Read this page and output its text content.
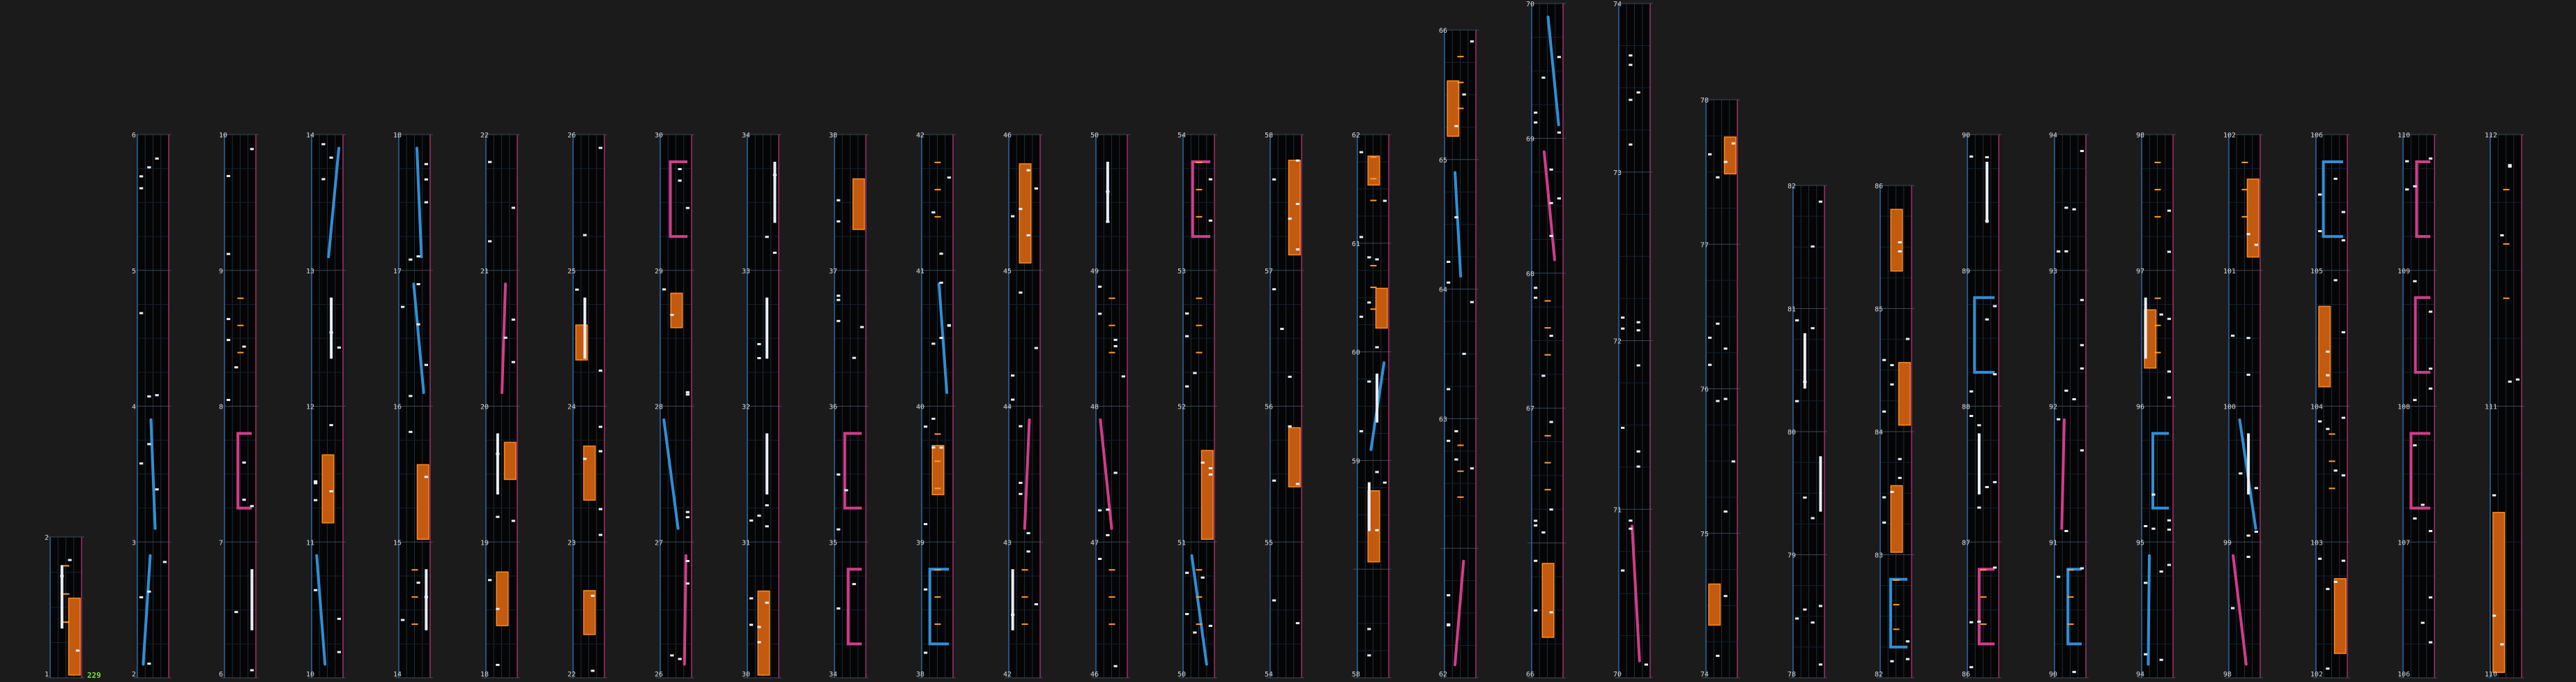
2
1
6
2
5
4
3
10
6
9
8
7
14
10
13
12
11
18
14
17
16
15
22
18
21
20
19
26
22
25
24
23
30
26
29
28
27
34
30
33
32
31
38
34
37
36
35
42
38
41
40
39
46
42
45
44
43
50
46
49
48
47
54
50
53
52
51
58
54
57
56
55
62
58
61
60
59
66
62
65
64
63
70
66
69
68
67
74
70
73
72
71
78
74
77
76
75
82
78
81
80
79
86
82
85
84
83
90
86
89
88
87
94
90
93
92
91
98
94
97
96
95
102
98
101
100
99
106
102
105
104
103
110
106
109
108
107
112
110
111
229
